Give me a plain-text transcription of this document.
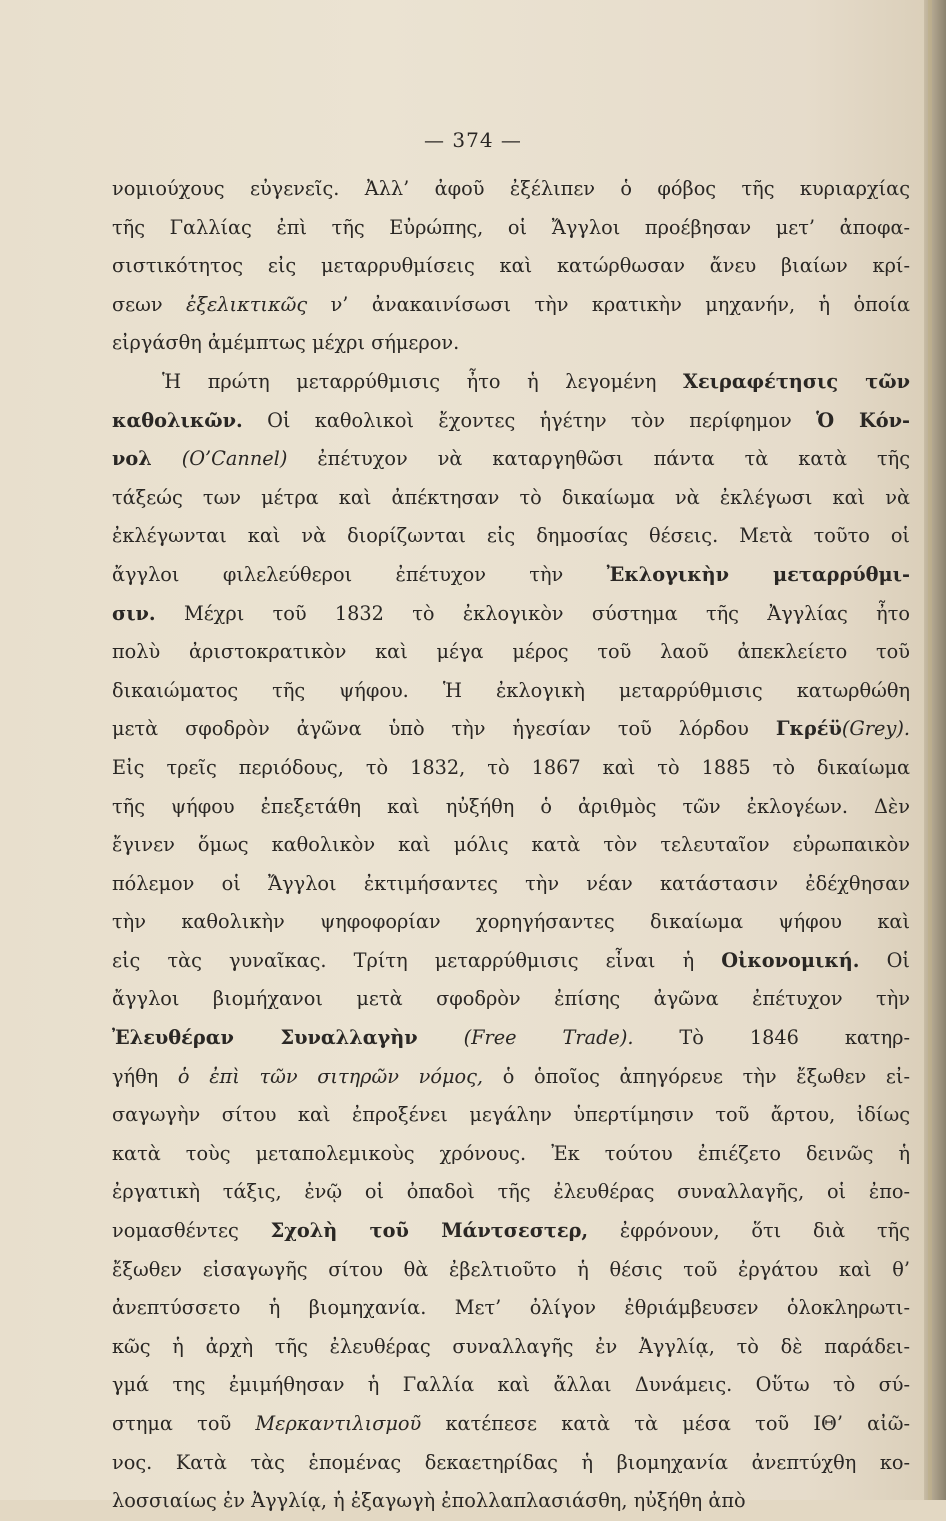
— 374 —
νομιούχους εὐγενεῖς. Ἀλλ’ ἀφοῦ ἐξέλιπεν ὁ φόβος τῆς κυριαρχίας
τῆς Γαλλίας ἐπὶ τῆς Εὐρώπης, οἱ Ἄγγλοι προέβησαν μετ’ ἀποφα-
σιστικότητος εἰς μεταρρυθμίσεις καὶ κατώρθωσαν ἄνευ βιαίων κρί-
σεων ἐξελικτικῶς ν’ ἀνακαινίσωσι τὴν κρατικὴν μηχανήν, ἡ ὁποία
εἰργάσθη ἀμέμπτως μέχρι σήμερον.
Ἡ πρώτη μεταρρύθμισις ἦτο ἡ λεγομένη Χειραφέτησις τῶν
καθολικῶν. Οἱ καθολικοὶ ἔχοντες ἡγέτην τὸν περίφημον Ὁ Κόν-
νολ (O’Cannel) ἐπέτυχον νὰ καταργηθῶσι πάντα τὰ κατὰ τῆς
τάξεώς των μέτρα καὶ ἀπέκτησαν τὸ δικαίωμα νὰ ἐκλέγωσι καὶ νὰ
ἐκλέγωνται καὶ νὰ διορίζωνται εἰς δημοσίας θέσεις. Μετὰ τοῦτο οἱ
ἄγγλοι φιλελεύθεροι ἐπέτυχον τὴν Ἐκλογικὴν μεταρρύθμι-
σιν. Μέχρι τοῦ 1832 τὸ ἐκλογικὸν σύστημα τῆς Ἀγγλίας ἦτο
πολὺ ἀριστοκρατικὸν καὶ μέγα μέρος τοῦ λαοῦ ἀπεκλείετο τοῦ
δικαιώματος τῆς ψήφου. Ἡ ἐκλογικὴ μεταρρύθμισις κατωρθώθη
μετὰ σφοδρὸν ἀγῶνα ὑπὸ τὴν ἡγεσίαν τοῦ λόρδου Γκρέϋ(Grey).
Εἰς τρεῖς περιόδους, τὸ 1832, τὸ 1867 καὶ τὸ 1885 τὸ δικαίωμα
τῆς ψήφου ἐπεξετάθη καὶ ηὐξήθη ὁ ἀριθμὸς τῶν ἐκλογέων. Δὲν
ἔγινεν ὅμως καθολικὸν καὶ μόλις κατὰ τὸν τελευταῖον εὐρωπαικὸν
πόλεμον οἱ Ἄγγλοι ἐκτιμήσαντες τὴν νέαν κατάστασιν ἐδέχθησαν
τὴν καθολικὴν ψηφοφορίαν χορηγήσαντες δικαίωμα ψήφου καὶ
εἰς τὰς γυναῖκας. Τρίτη μεταρρύθμισις εἶναι ἡ Οἰκονομική. Οἱ
ἄγγλοι βιομήχανοι μετὰ σφοδρὸν ἐπίσης ἀγῶνα ἐπέτυχον τὴν
Ἐλευθέραν Συναλλαγὴν (Free Trade). Τὸ 1846 κατηρ-
γήθη ὁ ἐπὶ τῶν σιτηρῶν νόμος, ὁ ὁποῖος ἀπηγόρευε τὴν ἔξωθεν εἰ-
σαγωγὴν σίτου καὶ ἐπροξένει μεγάλην ὑπερτίμησιν τοῦ ἄρτου, ἰδίως
κατὰ τοὺς μεταπολεμικοὺς χρόνους. Ἐκ τούτου ἐπιέζετο δεινῶς ἡ
ἐργατικὴ τάξις, ἐνῷ οἱ ὀπαδοὶ τῆς ἐλευθέρας συναλλαγῆς, οἱ ἐπο-
νομασθέντες Σχολὴ τοῦ Μάντσεστερ, ἐφρόνουν, ὅτι διὰ τῆς
ἔξωθεν εἰσαγωγῆς σίτου θὰ ἐβελτιοῦτο ἡ θέσις τοῦ ἐργάτου καὶ θ’
ἀνεπτύσσετο ἡ βιομηχανία. Μετ’ ὀλίγον ἐθριάμβευσεν ὁλοκληρωτι-
κῶς ἡ ἀρχὴ τῆς ἐλευθέρας συναλλαγῆς ἐν Ἀγγλίᾳ, τὸ δὲ παράδει-
γμά της ἐμιμήθησαν ἡ Γαλλία καὶ ἄλλαι Δυνάμεις. Οὕτω τὸ σύ-
στημα τοῦ Μερκαντιλισμοῦ κατέπεσε κατὰ τὰ μέσα τοῦ ΙΘ’ αἰῶ-
νος. Κατὰ τὰς ἑπομένας δεκαετηρίδας ἡ βιομηχανία ἀνεπτύχθη κο-
λοσσιαίως ἐν Ἀγγλίᾳ, ἡ ἐξαγωγὴ ἐπολλαπλασιάσθη, ηὐξήθη ἀπὸ
